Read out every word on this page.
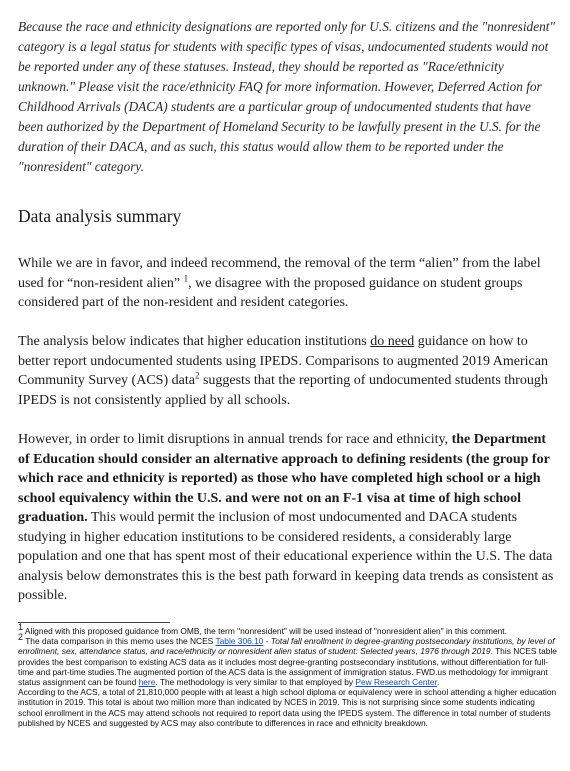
Because the race and ethnicity designations are reported only for U.S. citizens and the "nonresident" category is a legal status for students with specific types of visas, undocumented students would not be reported under any of these statuses. Instead, they should be reported as "Race/ethnicity unknown." Please visit the race/ethnicity FAQ for more information. However, Deferred Action for Childhood Arrivals (DACA) students are a particular group of undocumented students that have been authorized by the Department of Homeland Security to be lawfully present in the U.S. for the duration of their DACA, and as such, this status would allow them to be reported under the "nonresident" category.

Data analysis summary

While we are in favor, and indeed recommend, the removal of the term “alien” from the label used for “non-resident alien” $^1$, we disagree with the proposed guidance on student groups considered part of the non-resident and resident categories.

The analysis below indicates that higher education institutions do need guidance on how to better report undocumented students using IPEDS. Comparisons to augmented 2019 American Community Survey (ACS) data$^2$ suggests that the reporting of undocumented students through IPEDS is not consistently applied by all schools.

However, in order to limit disruptions in annual trends for race and ethnicity, the Department of Education should consider an alternative approach to defining residents (the group for which race and ethnicity is reported) as those who have completed high school or a high school equivalency within the U.S. and were not on an F-1 visa at time of high school graduation. This would permit the inclusion of most undocumented and DACA students studying in higher education institutions to be considered residents, a considerably large population and one that has spent most of their educational experience within the U.S. The data analysis below demonstrates this is the best path forward in keeping data trends as consistent as possible.

$^1$ Aligned with this proposed guidance from OMB, the term "nonresident" will be used instead of "nonresident alien" in this comment.

$^2$ The data comparison in this memo uses the NCES Table 306.10 - Total fall enrollment in degree-granting postsecondary institutions, by level of enrollment, sex, attendance status, and race/ethnicity or nonresident alien status of student: Selected years, 1976 through 2019. This NCES table provides the best comparison to existing ACS data as it includes most degree-granting postsecondary institutions, without differentiation for full-time and part-time studies.The augmented portion of the ACS data is the assignment of immigration status. FWD.us methodology for immigrant status assignment can be found here. The methodology is very similar to that employed by Pew Research Center.

According to the ACS, a total of 21,810,000 people with at least a high school diploma or equivalency were in school attending a higher education institution in 2019. This total is about two million more than indicated by NCES in 2019. This is not surprising since some students indicating school enrollment in the ACS may attend schools not required to report data using the IPEDS system. The difference in total number of students published by NCES and suggested by ACS may also contribute to differences in race and ethnicity breakdown.
